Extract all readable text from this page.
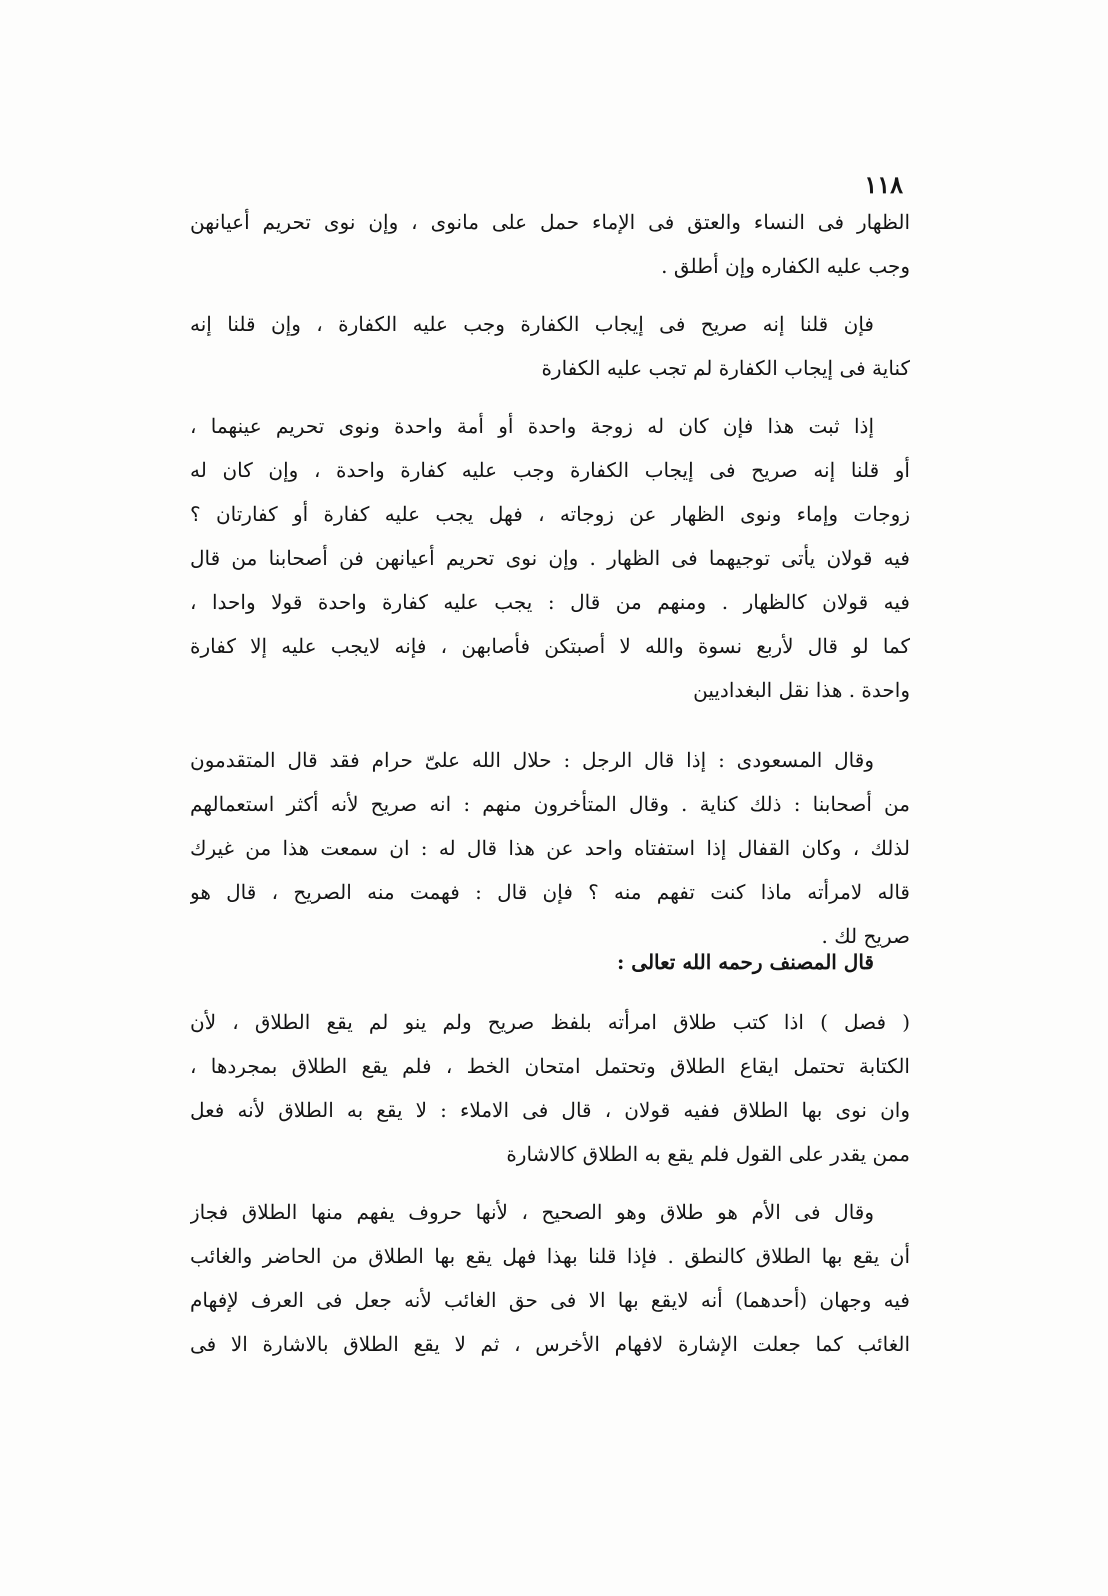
١١٨
الظهار فى النساء والعتق فى الإماء حمل على مانوى ، وإن نوى تحريم أعيانهن
وجب عليه الكفاره وإن أطلق .
فإن قلنا إنه صريح فى إيجاب الكفارة وجب عليه الكفارة ، وإن قلنا إنه
كناية فى إيجاب الكفارة لم تجب عليه الكفارة
إذا ثبت هذا فإن كان له زوجة واحدة أو أمة واحدة ونوى تحريم عينهما ،
أو قلنا إنه صريح فى إيجاب الكفارة وجب عليه كفارة واحدة ، وإن كان له
زوجات وإماء ونوى الظهار عن زوجاته ، فهل يجب عليه كفارة أو كفارتان ؟
فيه قولان يأتى توجيهما فى الظهار . وإن نوى تحريم أعيانهن فن أصحابنا من قال
فيه قولان كالظهار . ومنهم من قال : يجب عليه كفارة واحدة قولا واحدا ،
كما لو قال لأربع نسوة والله لا أصبتكن فأصابهن ، فإنه لايجب عليه إلا كفارة
واحدة . هذا نقل البغداديين
وقال المسعودى : إذا قال الرجل : حلال الله علىّ حرام فقد قال المتقدمون
من أصحابنا : ذلك كناية . وقال المتأخرون منهم : انه صريح لأنه أكثر استعمالهم
لذلك ، وكان القفال إذا استفتاه واحد عن هذا قال له : ان سمعت هذا من غيرك
قاله لامرأته ماذا كنت تفهم منه ؟ فإن قال : فهمت منه الصريح ، قال هو
صريح لك .
قال المصنف رحمه الله تعالى :
( فصل ) اذا كتب طلاق امرأته بلفظ صريح ولم ينو لم يقع الطلاق ، لأن
الكتابة تحتمل ايقاع الطلاق وتحتمل امتحان الخط ، فلم يقع الطلاق بمجردها ،
وان نوى بها الطلاق ففيه قولان ، قال فى الاملاء : لا يقع به الطلاق لأنه فعل
ممن يقدر على القول فلم يقع به الطلاق كالاشارة
وقال فى الأم هو طلاق وهو الصحيح ، لأنها حروف يفهم منها الطلاق فجاز
أن يقع بها الطلاق كالنطق . فإذا قلنا بهذا فهل يقع بها الطلاق من الحاضر والغائب
فيه وجهان (أحدهما) أنه لايقع بها الا فى حق الغائب لأنه جعل فى العرف لإفهام
الغائب كما جعلت الإشارة لافهام الأخرس ، ثم لا يقع الطلاق بالاشارة الا فى
